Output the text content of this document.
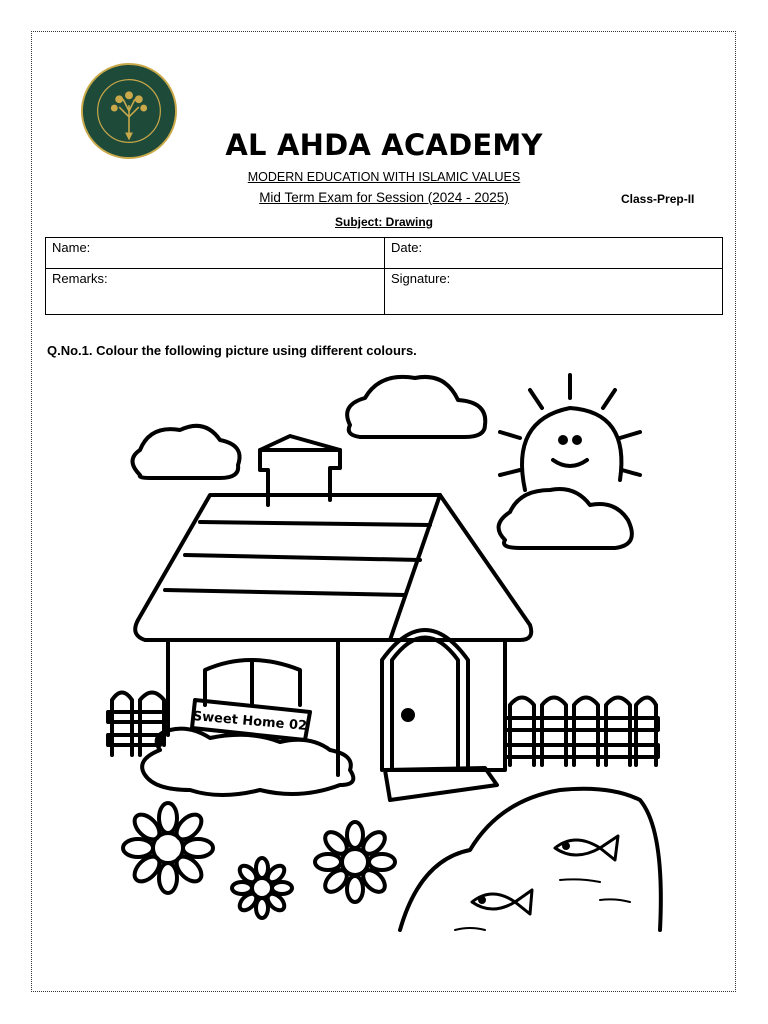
AL AHDA ACADEMY
MODERN EDUCATION WITH ISLAMIC VALUES
Mid Term Exam for Session (2024 - 2025)	Class-Prep-II
Subject: Drawing
Name:	Date:
Remarks:	Signature:
Q.No.1. Colour the following picture using different colours.
Sweet Home 02
